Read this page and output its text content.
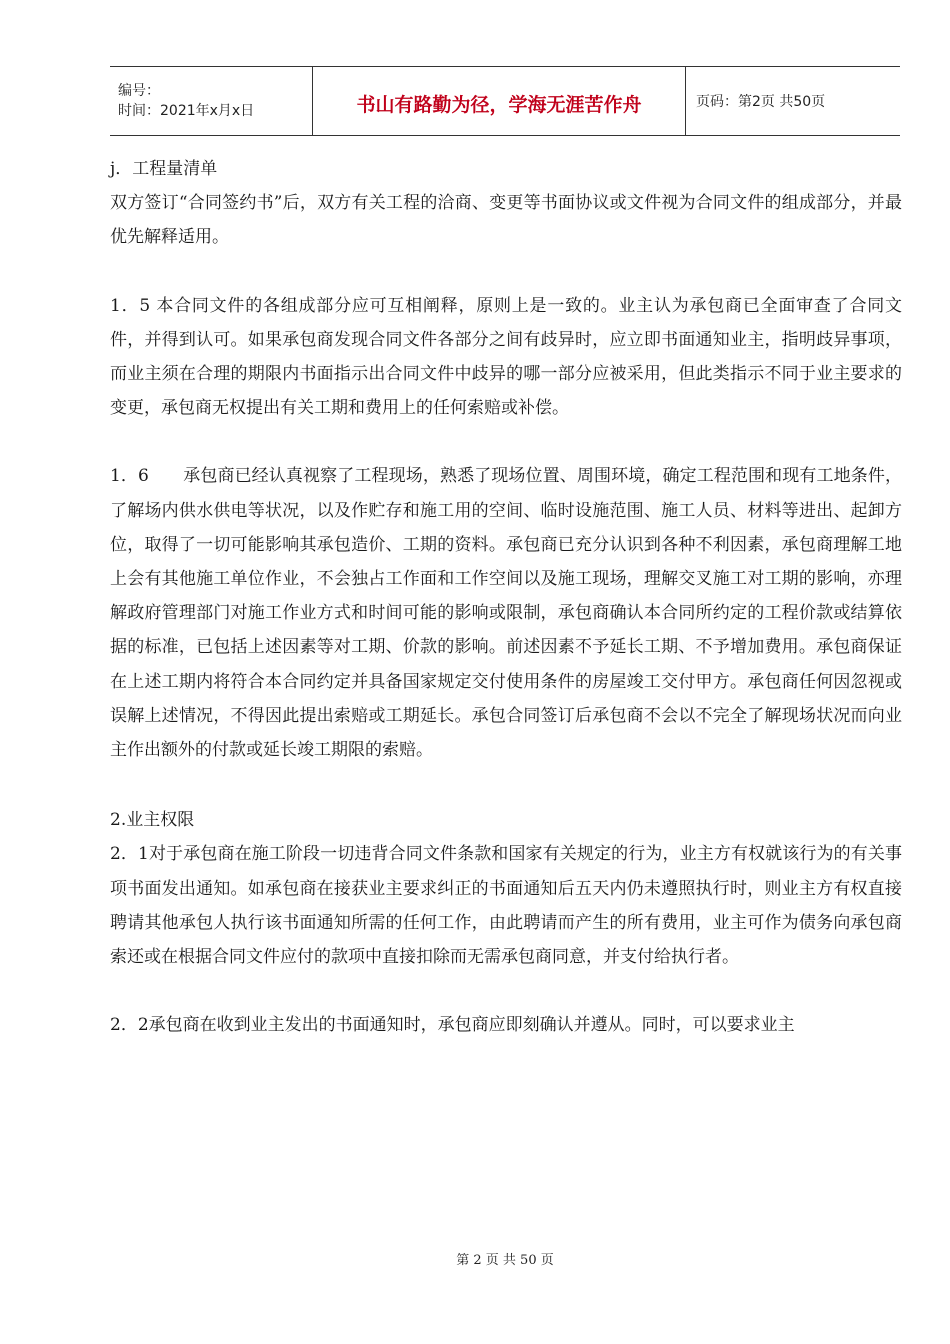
编号：
时间：2021年x月x日	书山有路勤为径，学海无涯苦作舟	页码：第2页 共50页

j．工程量清单

双方签订“合同签约书”后，双方有关工程的洽商、变更等书面协议或文件视为合同文件的组成部分，并最优先解释适用。

1．5 本合同文件的各组成部分应可互相阐释，原则上是一致的。业主认为承包商已全面审查了合同文件，并得到认可。如果承包商发现合同文件各部分之间有歧异时，应立即书面通知业主，指明歧异事项，而业主须在合理的期限内书面指示出合同文件中歧异的哪一部分应被采用，但此类指示不同于业主要求的变更，承包商无权提出有关工期和费用上的任何索赔或补偿。

1．6　　承包商已经认真视察了工程现场，熟悉了现场位置、周围环境，确定工程范围和现有工地条件，了解场内供水供电等状况，以及作贮存和施工用的空间、临时设施范围、施工人员、材料等进出、起卸方位，取得了一切可能影响其承包造价、工期的资料。承包商已充分认识到各种不利因素，承包商理解工地上会有其他施工单位作业，不会独占工作面和工作空间以及施工现场，理解交叉施工对工期的影响，亦理解政府管理部门对施工作业方式和时间可能的影响或限制，承包商确认本合同所约定的工程价款或结算依据的标准，已包括上述因素等对工期、价款的影响。前述因素不予延长工期、不予增加费用。承包商保证在上述工期内将符合本合同约定并具备国家规定交付使用条件的房屋竣工交付甲方。承包商任何因忽视或误解上述情况，不得因此提出索赔或工期延长。承包合同签订后承包商不会以不完全了解现场状况而向业主作出额外的付款或延长竣工期限的索赔。

2.业主权限

2．1对于承包商在施工阶段一切违背合同文件条款和国家有关规定的行为，业主方有权就该行为的有关事项书面发出通知。如承包商在接获业主要求纠正的书面通知后五天内仍未遵照执行时，则业主方有权直接聘请其他承包人执行该书面通知所需的任何工作，由此聘请而产生的所有费用，业主可作为债务向承包商索还或在根据合同文件应付的款项中直接扣除而无需承包商同意，并支付给执行者。

2．2承包商在收到业主发出的书面通知时，承包商应即刻确认并遵从。同时，可以要求业主

第 2 页 共 50 页
